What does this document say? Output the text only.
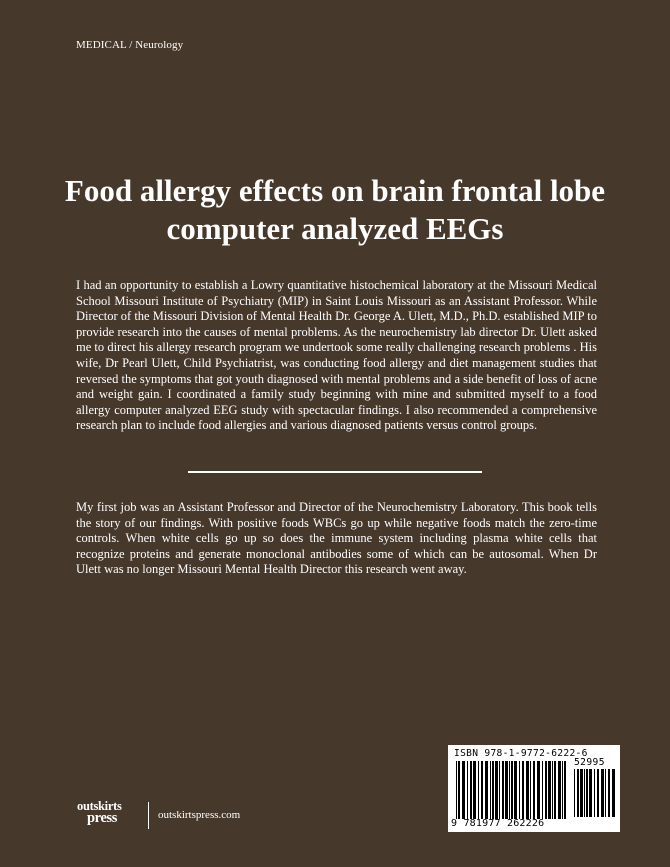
MEDICAL / Neurology
Food allergy effects on brain frontal lobe computer analyzed EEGs

I had an opportunity to establish a Lowry quantitative histochemical laboratory at the Missouri Medical School Missouri Institute of Psychiatry (MIP) in Saint Louis Missouri as an Assistant Professor. While Director of the Missouri Division of Mental Health Dr. George A. Ulett, M.D., Ph.D. established MIP to provide research into the causes of mental problems. As the neurochemistry lab director Dr. Ulett asked me to direct his allergy research program we undertook some really challenging research problems . His wife, Dr Pearl Ulett, Child Psychiatrist, was conducting food allergy and diet management studies that reversed the symptoms that got youth diagnosed with mental problems and a side benefit of loss of acne and weight gain. I coordinated a family study beginning with mine and submitted myself to a food allergy computer analyzed EEG study with spectacular findings. I also recommended a comprehensive research plan to include food allergies and various diagnosed patients versus control groups.

My first job was an Assistant Professor and Director of the Neurochemistry Laboratory. This book tells the story of our findings. With positive foods WBCs go up while negative foods match the zero-time controls. When white cells go up so does the immune system including plasma white cells that recognize proteins and generate monoclonal antibodies some of which can be autosomal. When Dr Ulett was no longer Missouri Mental Health Director this research went away.

ISBN 978-1-9772-6222-6
52995
9 781977 262226
outskirts
press	outskirtspress.com
